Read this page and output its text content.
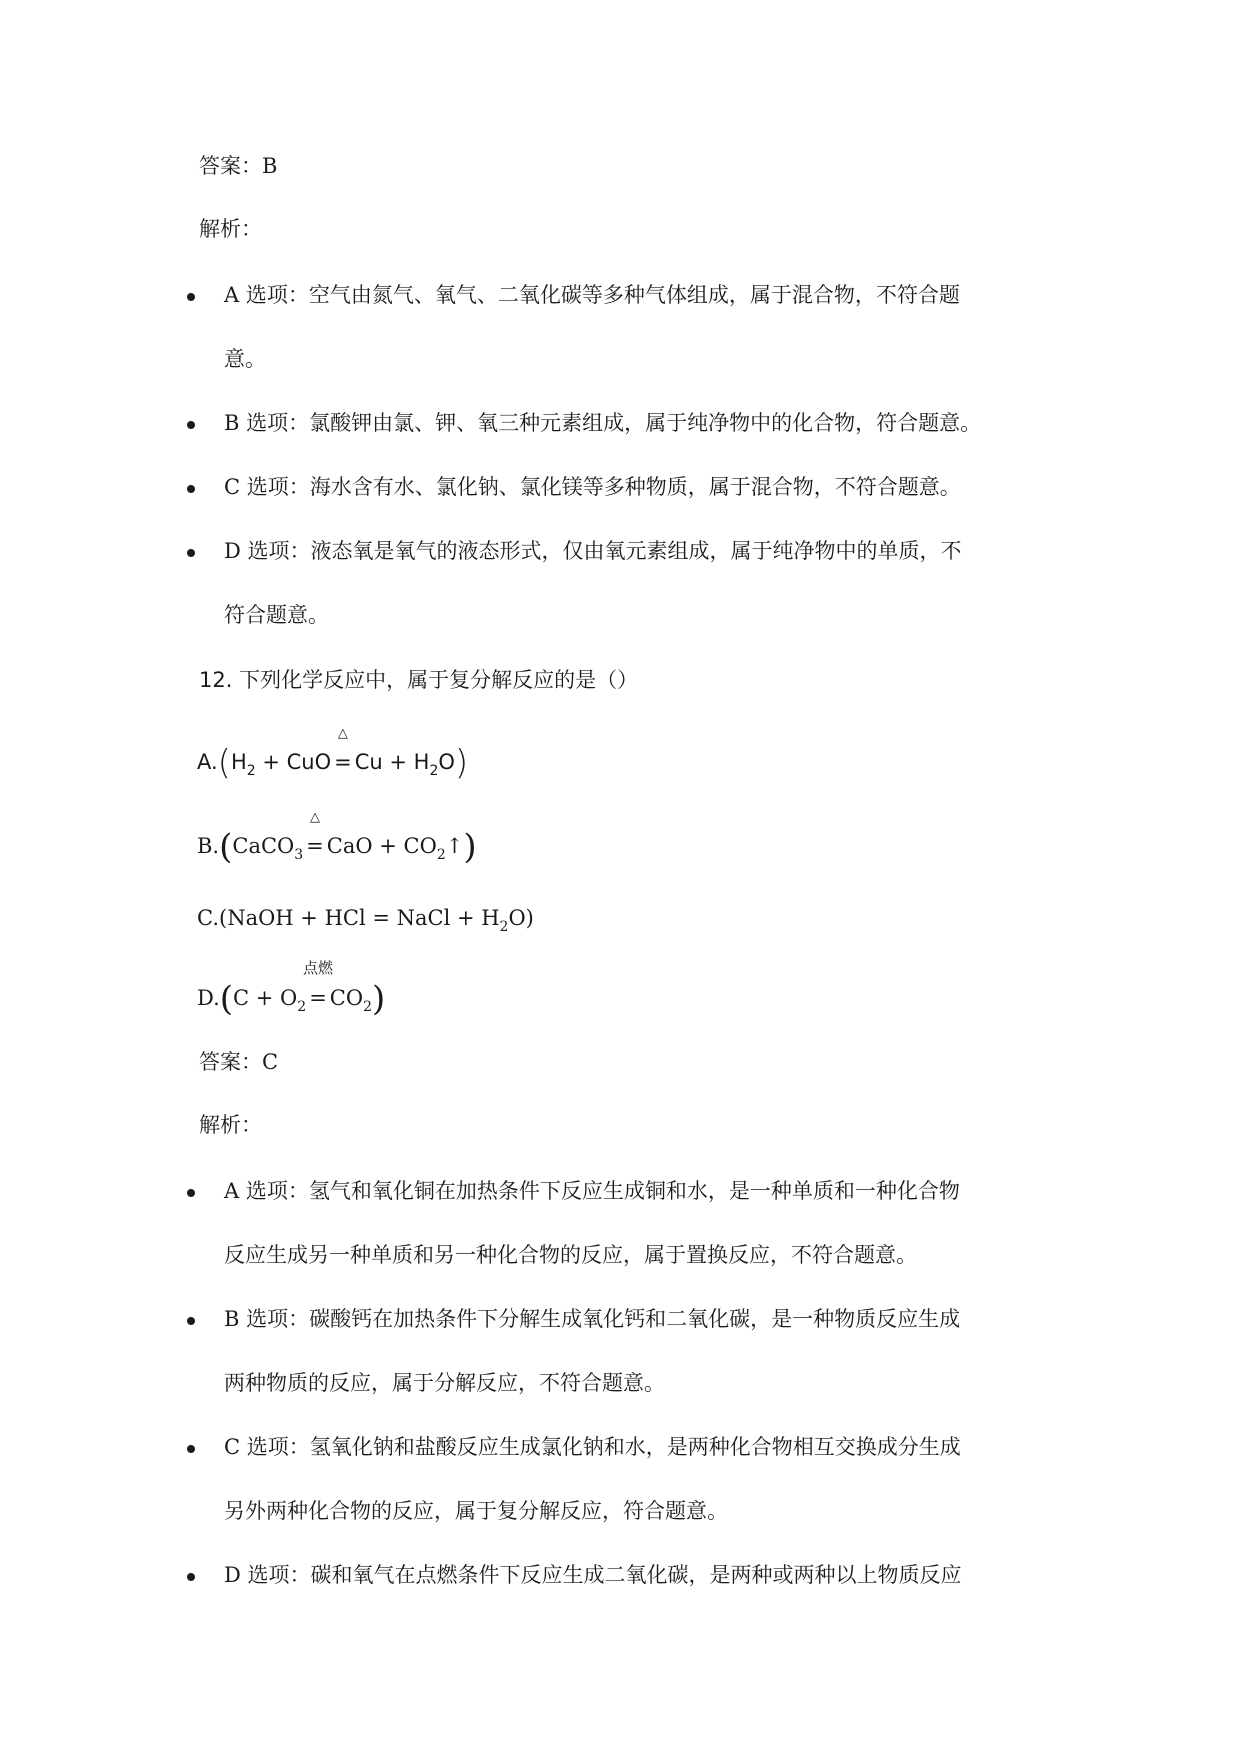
答案：B
解析：
A 选项：空气由氮气、氧气、二氧化碳等多种气体组成，属于混合物，不符合题
意。
B 选项：氯酸钾由氯、钾、氧三种元素组成，属于纯净物中的化合物，符合题意。
C 选项：海水含有水、氯化钠、氯化镁等多种物质，属于混合物，不符合题意。
D 选项：液态氧是氧气的液态形式，仅由氧元素组成，属于纯净物中的单质，不
符合题意。
12. 下列化学反应中，属于复分解反应的是（）
$A.(H_2$ + CuO
△
= $Cu + H_2O$)
B.(CaCO$_3$
△
= CaO + $CO_2↑$)
C.(NaOH + HCl = NaCl + $H_2O$)
$D.(C + O_2$
点燃
= $CO_2$)
答案：C
解析：
A 选项：氢气和氧化铜在加热条件下反应生成铜和水，是一种单质和一种化合物
反应生成另一种单质和另一种化合物的反应，属于置换反应，不符合题意。
B 选项：碳酸钙在加热条件下分解生成氧化钙和二氧化碳，是一种物质反应生成
两种物质的反应，属于分解反应，不符合题意。
C 选项：氢氧化钠和盐酸反应生成氯化钠和水，是两种化合物相互交换成分生成
另外两种化合物的反应，属于复分解反应，符合题意。
D 选项：碳和氧气在点燃条件下反应生成二氧化碳，是两种或两种以上物质反应
